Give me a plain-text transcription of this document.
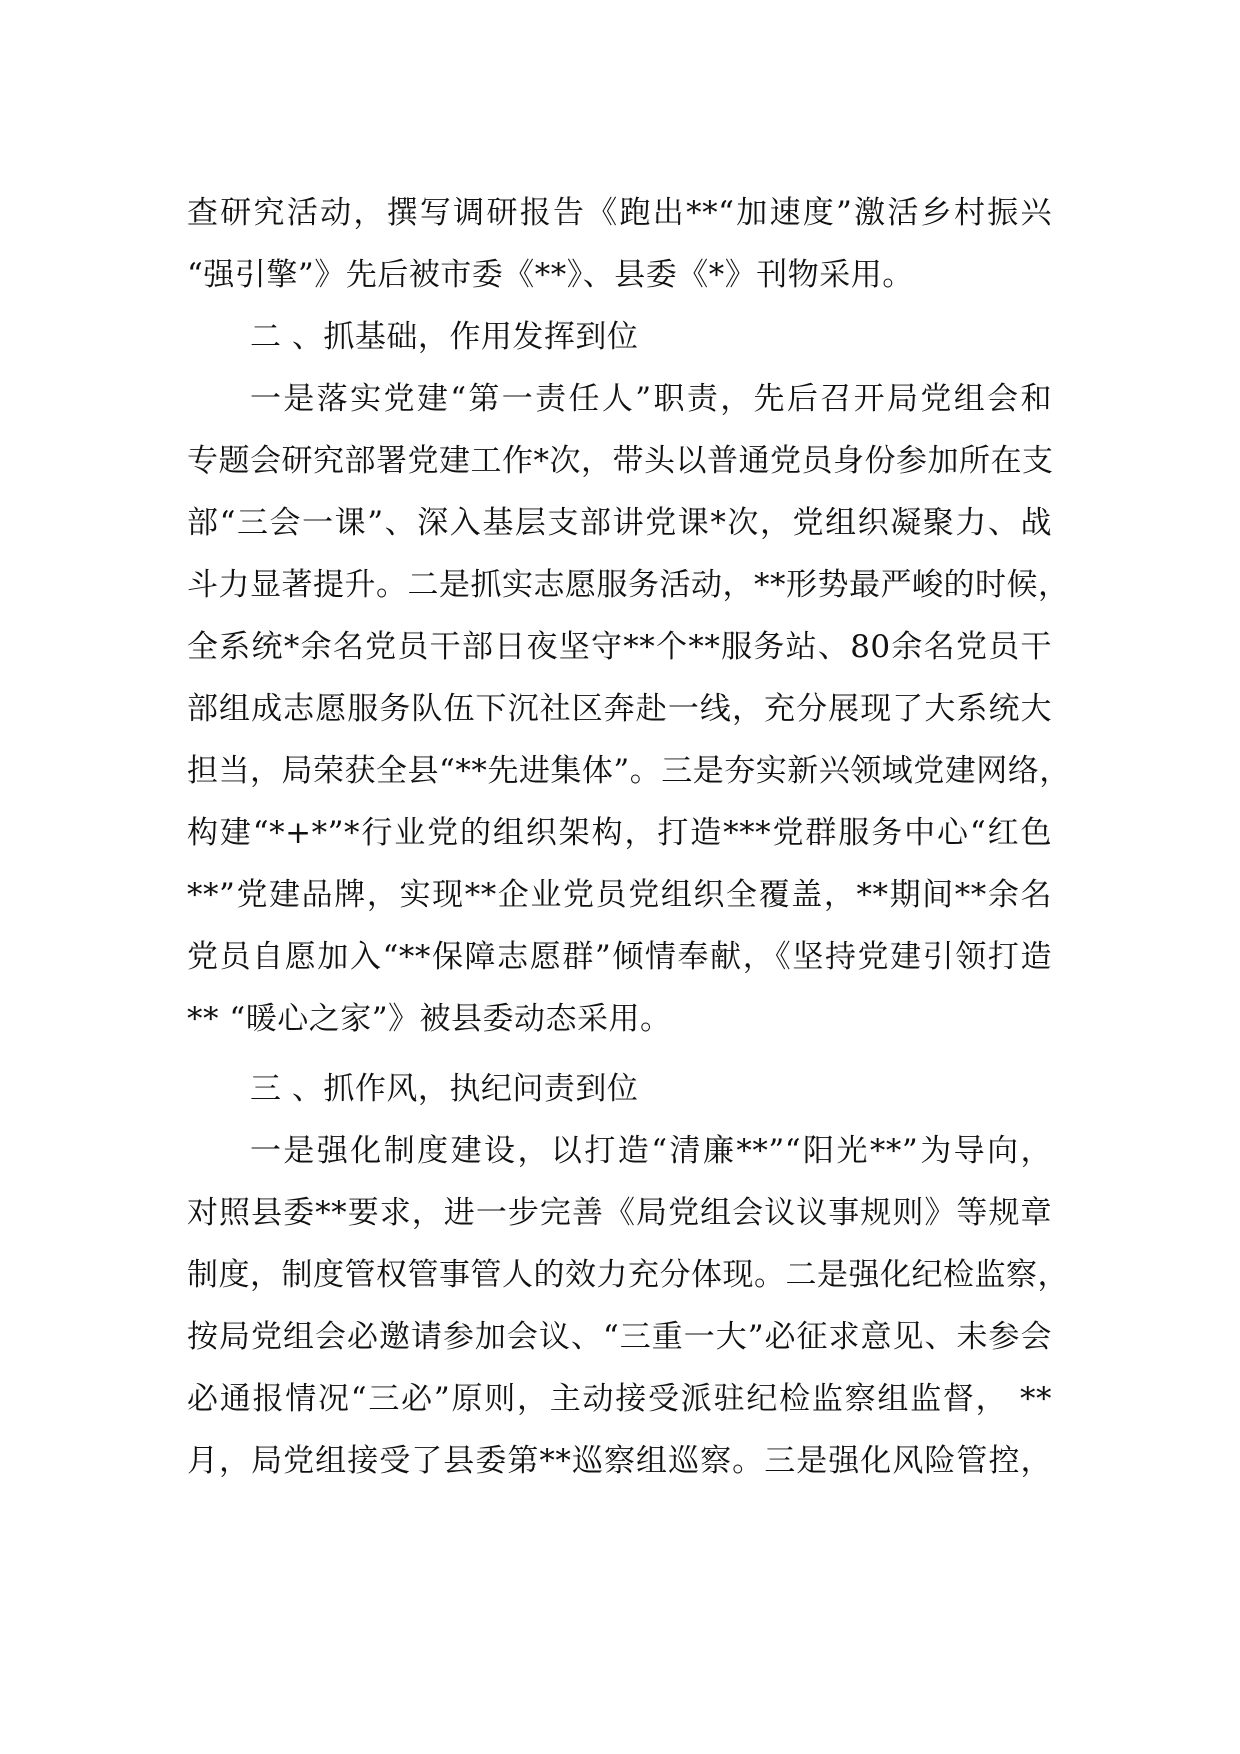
查研究活动，撰写调研报告《跑出**“加速度”激活乡村振兴
“强引擎”》先后被市委《**》、县委《*》刊物采用。
二 、抓基础，作用发挥到位
一是落实党建“第一责任人”职责，先后召开局党组会和
专题会研究部署党建工作*次，带头以普通党员身份参加所在支
部“三会一课”、深入基层支部讲党课*次，党组织凝聚力、战
斗力显著提升。二是抓实志愿服务活动，**形势最严峻的时候，
全系统*余名党员干部日夜坚守**个**服务站、80余名党员干
部组成志愿服务队伍下沉社区奔赴一线，充分展现了大系统大
担当，局荣获全县“**先进集体”。三是夯实新兴领域党建网络，
构建“*+*”*行业党的组织架构，打造***党群服务中心“红色
**”党建品牌，实现**企业党员党组织全覆盖，**期间**余名
党员自愿加入“**保障志愿群”倾情奉献，《坚持党建引领打造
** “暖心之家”》被县委动态采用。
三 、抓作风，执纪问责到位
一是强化制度建设，以打造“清廉**”“阳光**”为导向，
对照县委**要求，进一步完善《局党组会议议事规则》等规章
制度，制度管权管事管人的效力充分体现。二是强化纪检监察，
按局党组会必邀请参加会议、“三重一大”必征求意见、未参会
必通报情况“三必”原则，主动接受派驻纪检监察组监督， **
月，局党组接受了县委第**巡察组巡察。三是强化风险管控，
